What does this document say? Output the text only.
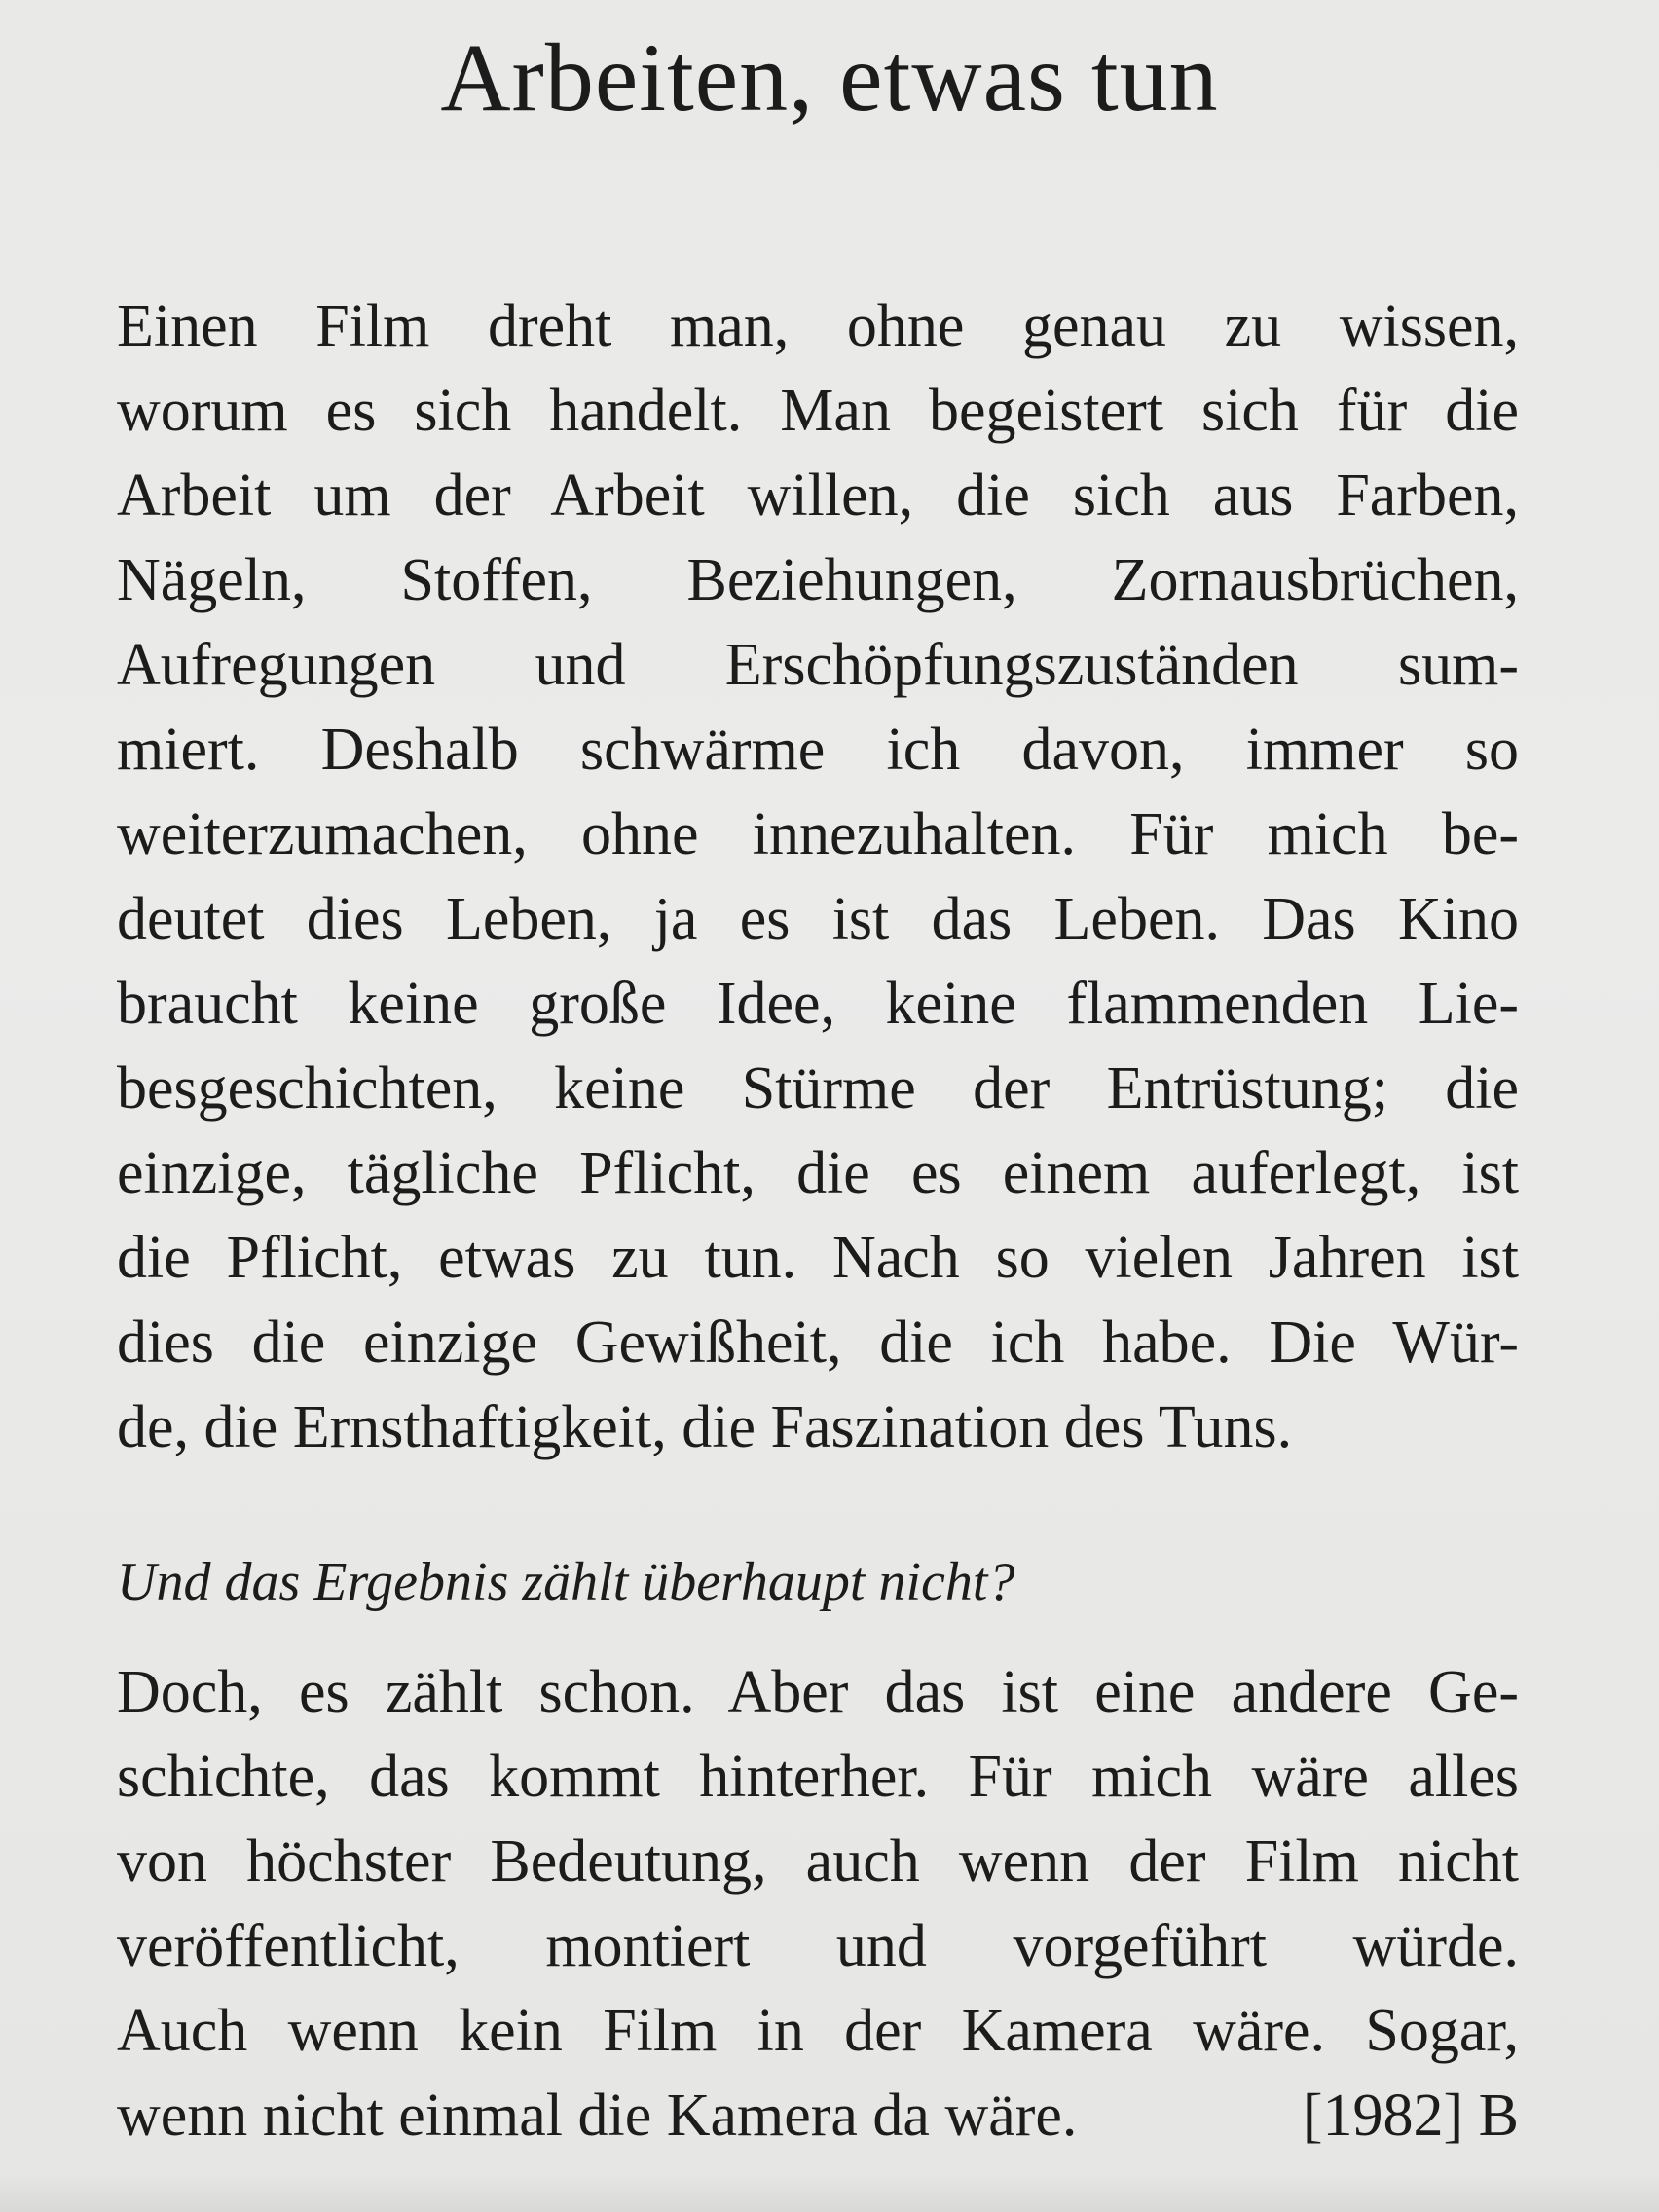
Arbeiten, etwas tun
Einen Film dreht man, ohne genau zu wissen,
worum es sich handelt. Man begeistert sich für die
Arbeit um der Arbeit willen, die sich aus Farben,
Nägeln, Stoffen, Beziehungen, Zornausbrüchen,
Aufregungen und Erschöpfungszuständen sum-
miert. Deshalb schwärme ich davon, immer so
weiterzumachen, ohne innezuhalten. Für mich be-
deutet dies Leben, ja es ist das Leben. Das Kino
braucht keine große Idee, keine flammenden Lie-
besgeschichten, keine Stürme der Entrüstung; die
einzige, tägliche Pflicht, die es einem auferlegt, ist
die Pflicht, etwas zu tun. Nach so vielen Jahren ist
dies die einzige Gewißheit, die ich habe. Die Wür-
de, die Ernsthaftigkeit, die Faszination des Tuns.

Und das Ergebnis zählt überhaupt nicht?

Doch, es zählt schon. Aber das ist eine andere Ge-
schichte, das kommt hinterher. Für mich wäre alles
von höchster Bedeutung, auch wenn der Film nicht
veröffentlicht, montiert und vorgeführt würde.
Auch wenn kein Film in der Kamera wäre. Sogar,
wenn nicht einmal die Kamera da wäre.	[1982] B
